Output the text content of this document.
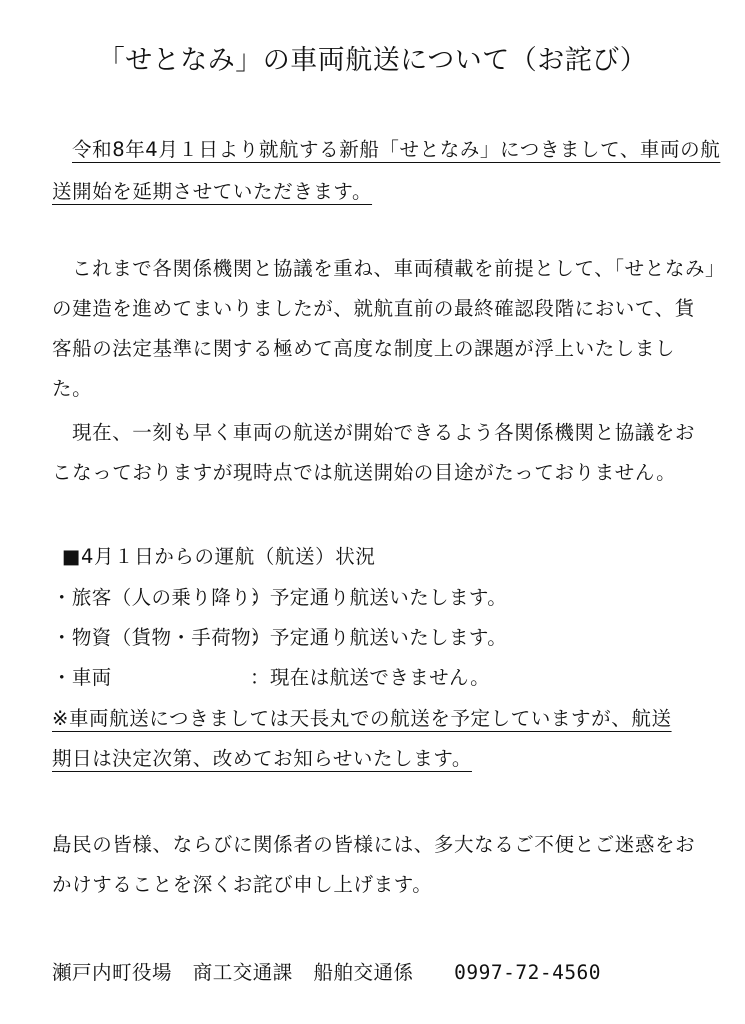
「せとなみ」の車両航送について（お詫び）
令和8年4月１日より就航する新船「せとなみ」につきまして、車両の航
送開始を延期させていただきます。
これまで各関係機関と協議を重ね、車両積載を前提として、「せとなみ」
の建造を進めてまいりましたが、就航直前の最終確認段階において、貨
客船の法定基準に関する極めて高度な制度上の課題が浮上いたしまし
た。
現在、一刻も早く車両の航送が開始できるよう各関係機関と協議をお
こなっておりますが現時点では航送開始の目途がたっておりません。
■4月１日からの運航（航送）状況
・旅客（人の乗り降り）
：予定通り航送いたします。
・物資（貨物・手荷物）
：予定通り航送いたします。
・車両	：現在は航送できません。
※車両航送につきましては天長丸での航送を予定していますが、航送
期日は決定次第、改めてお知らせいたします。
島民の皆様、ならびに関係者の皆様には、多大なるご不便とご迷惑をお
かけすることを深くお詫び申し上げます。
瀬戸内町役場 商工交通課 船舶交通係 0997-72-4560
